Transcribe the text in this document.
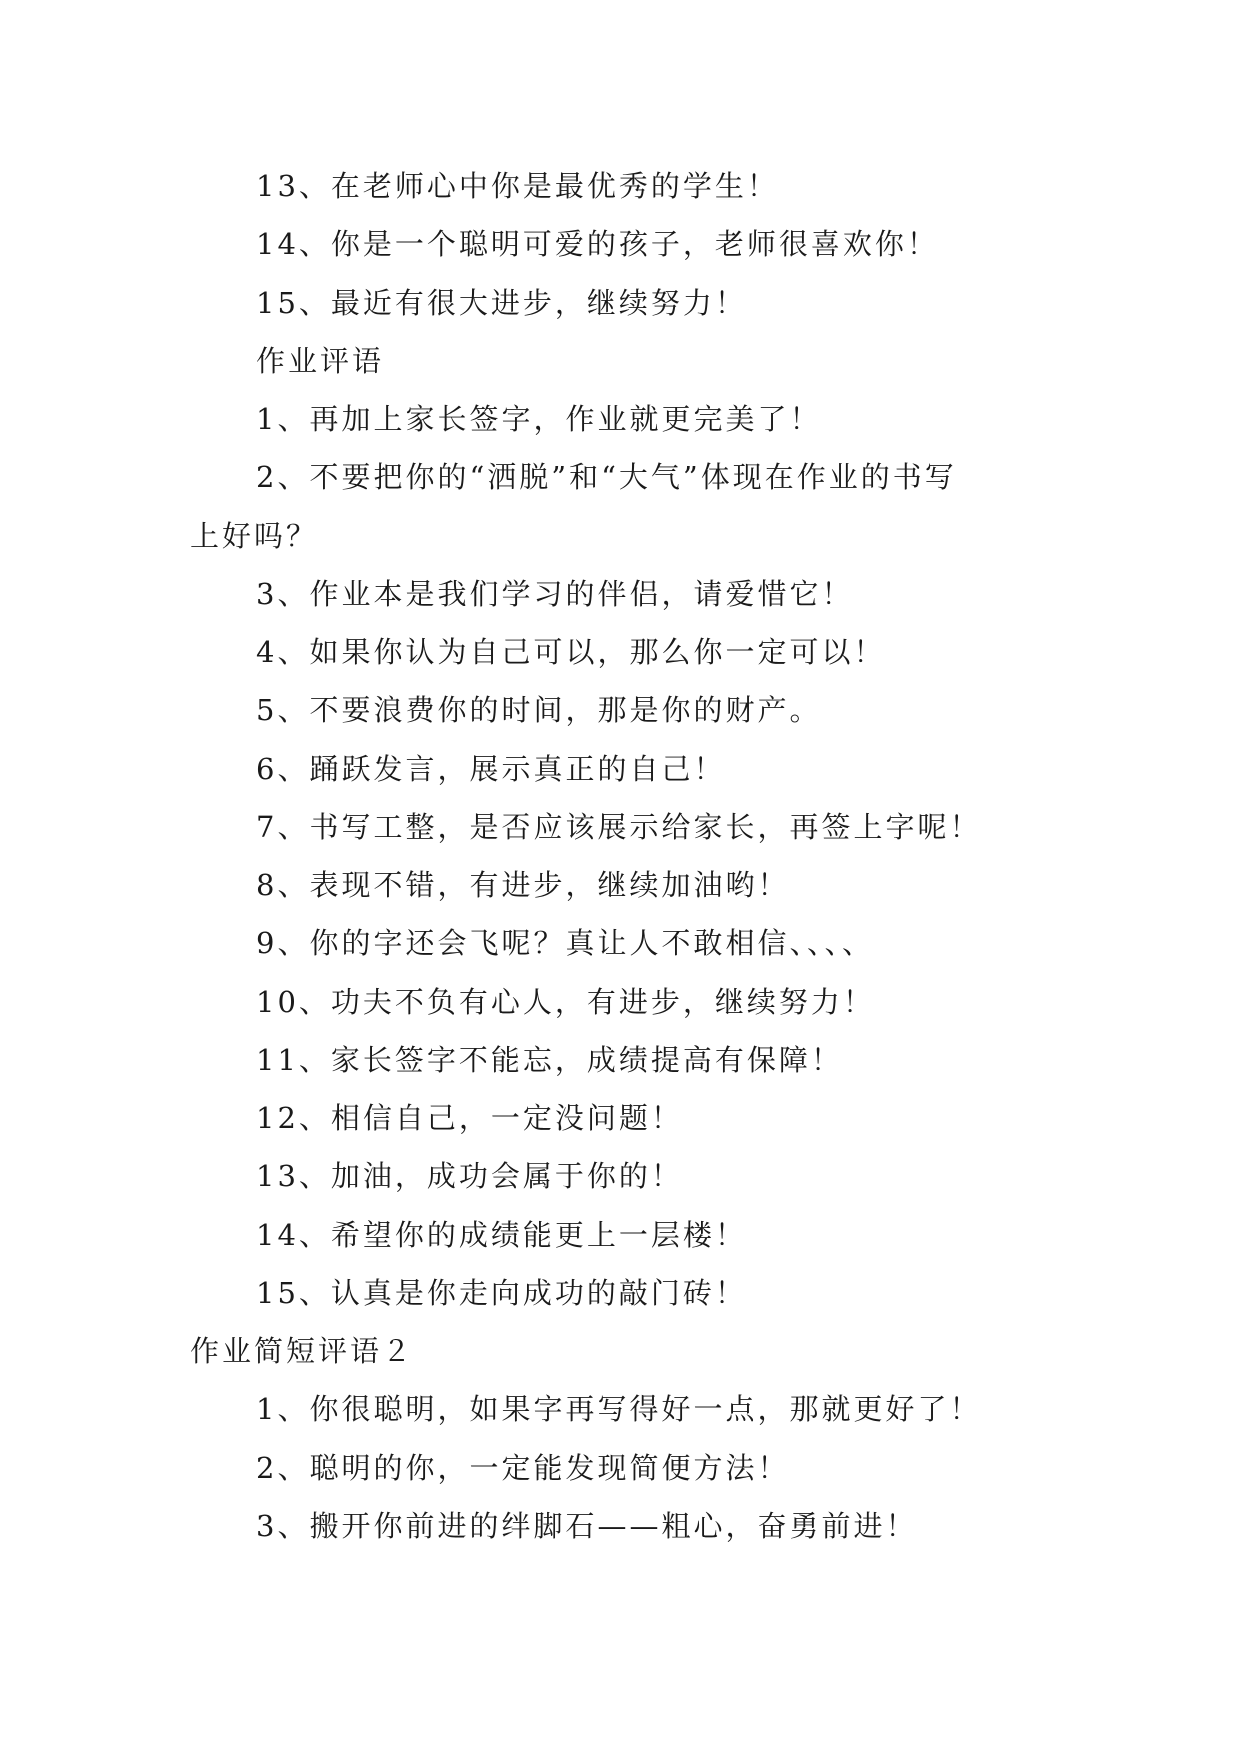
13、在老师心中你是最优秀的学生！
14、你是一个聪明可爱的孩子，老师很喜欢你！
15、最近有很大进步，继续努力！
作业评语
1、再加上家长签字，作业就更完美了！
2、不要把你的“洒脱”和“大气”体现在作业的书写
上好吗？
3、作业本是我们学习的伴侣，请爱惜它！
4、如果你认为自己可以，那么你一定可以！
5、不要浪费你的时间，那是你的财产。
6、踊跃发言，展示真正的自己！
7、书写工整，是否应该展示给家长，再签上字呢！
8、表现不错，有进步，继续加油哟！
9、你的字还会飞呢？真让人不敢相信、、、、
10、功夫不负有心人，有进步，继续努力！
11、家长签字不能忘，成绩提高有保障！
12、相信自己，一定没问题！
13、加油，成功会属于你的！
14、希望你的成绩能更上一层楼！
15、认真是你走向成功的敲门砖！
作业简短评语２
1、你很聪明，如果字再写得好一点，那就更好了！
2、聪明的你，一定能发现简便方法！
3、搬开你前进的绊脚石——粗心，奋勇前进！
